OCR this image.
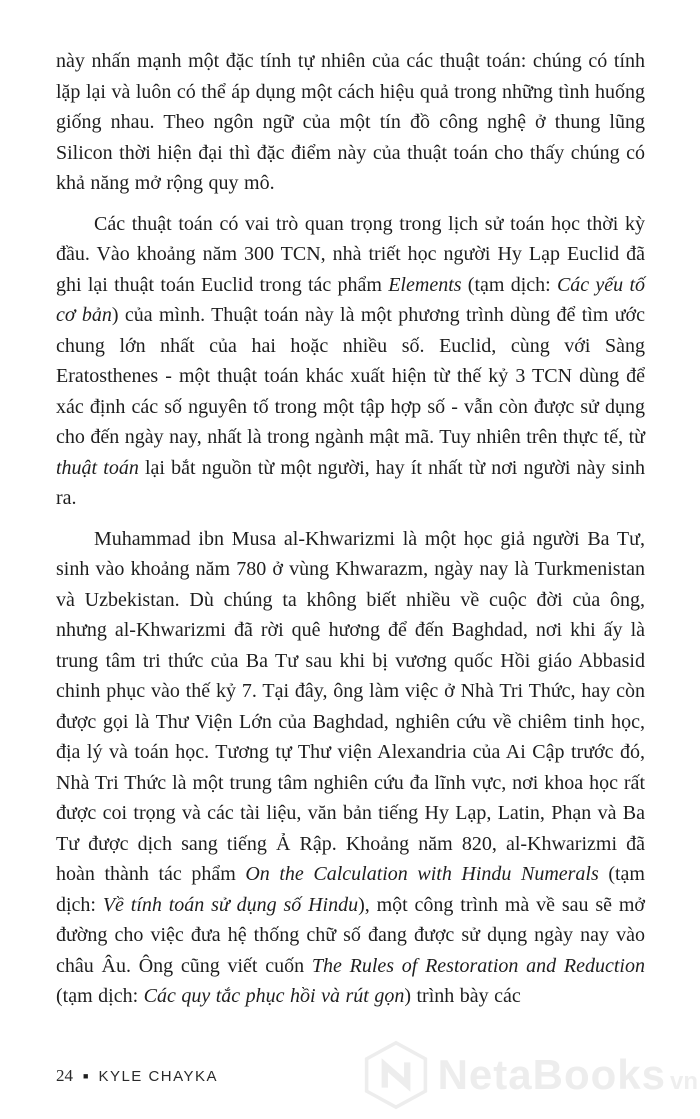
này nhấn mạnh một đặc tính tự nhiên của các thuật toán: chúng có tính lặp lại và luôn có thể áp dụng một cách hiệu quả trong những tình huống giống nhau. Theo ngôn ngữ của một tín đồ công nghệ ở thung lũng Silicon thời hiện đại thì đặc điểm này của thuật toán cho thấy chúng có khả năng mở rộng quy mô.

Các thuật toán có vai trò quan trọng trong lịch sử toán học thời kỳ đầu. Vào khoảng năm 300 TCN, nhà triết học người Hy Lạp Euclid đã ghi lại thuật toán Euclid trong tác phẩm Elements (tạm dịch: Các yếu tố cơ bản) của mình. Thuật toán này là một phương trình dùng để tìm ước chung lớn nhất của hai hoặc nhiều số. Euclid, cùng với Sàng Eratosthenes - một thuật toán khác xuất hiện từ thế kỷ 3 TCN dùng để xác định các số nguyên tố trong một tập hợp số - vẫn còn được sử dụng cho đến ngày nay, nhất là trong ngành mật mã. Tuy nhiên trên thực tế, từ thuật toán lại bắt nguồn từ một người, hay ít nhất từ nơi người này sinh ra.

Muhammad ibn Musa al-Khwarizmi là một học giả người Ba Tư, sinh vào khoảng năm 780 ở vùng Khwarazm, ngày nay là Turkmenistan và Uzbekistan. Dù chúng ta không biết nhiều về cuộc đời của ông, nhưng al-Khwarizmi đã rời quê hương để đến Baghdad, nơi khi ấy là trung tâm tri thức của Ba Tư sau khi bị vương quốc Hồi giáo Abbasid chinh phục vào thế kỷ 7. Tại đây, ông làm việc ở Nhà Tri Thức, hay còn được gọi là Thư Viện Lớn của Baghdad, nghiên cứu về chiêm tinh học, địa lý và toán học. Tương tự Thư viện Alexandria của Ai Cập trước đó, Nhà Tri Thức là một trung tâm nghiên cứu đa lĩnh vực, nơi khoa học rất được coi trọng và các tài liệu, văn bản tiếng Hy Lạp, Latin, Phạn và Ba Tư được dịch sang tiếng Ả Rập. Khoảng năm 820, al-Khwarizmi đã hoàn thành tác phẩm On the Calculation with Hindu Numerals (tạm dịch: Về tính toán sử dụng số Hindu), một công trình mà về sau sẽ mở đường cho việc đưa hệ thống chữ số đang được sử dụng ngày nay vào châu Âu. Ông cũng viết cuốn The Rules of Restoration and Reduction (tạm dịch: Các quy tắc phục hồi và rút gọn) trình bày các

24 ■ KYLE CHAYKA	NetaBooks vn
